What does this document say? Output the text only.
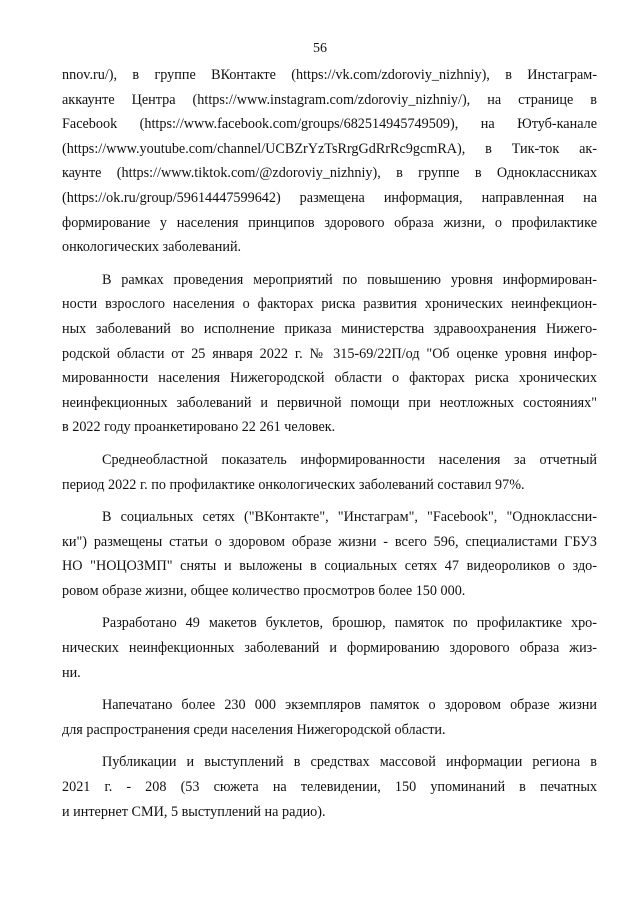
56
nnov.ru/), в группе ВКонтакте (https://vk.com/zdoroviy_nizhniy), в Инстаграм-
аккаунте Центра (https://www.instagram.com/zdoroviy_nizhniy/), на странице в
Facebook (https://www.facebook.com/groups/682514945749509), на Ютуб-канале
(https://www.youtube.com/channel/UCBZrYzTsRrgGdRrRc9gcmRA), в Тик-ток ак-
каунте (https://www.tiktok.com/@zdoroviy_nizhniy), в группе в Одноклассниках
(https://ok.ru/group/59614447599642) размещена информация, направленная на
формирование у населения принципов здорового образа жизни, о профилактике
онкологических заболеваний.
В рамках проведения мероприятий по повышению уровня информирован-
ности взрослого населения о факторах риска развития хронических неинфекцион-
ных заболеваний во исполнение приказа министерства здравоохранения Нижего-
родской области от 25 января 2022 г. № 315-69/22П/од "Об оценке уровня инфор-
мированности населения Нижегородской области о факторах риска хронических
неинфекционных заболеваний и первичной помощи при неотложных состояниях"
в 2022 году проанкетировано 22 261 человек.
Среднеобластной показатель информированности населения за отчетный
период 2022 г. по профилактике онкологических заболеваний составил 97%.
В социальных сетях ("ВКонтакте", "Инстаграм", "Facebook", "Одноклассни-
ки") размещены статьи о здоровом образе жизни - всего 596, специалистами ГБУЗ
НО "НОЦОЗМП" сняты и выложены в социальных сетях 47 видеороликов о здо-
ровом образе жизни, общее количество просмотров более 150 000.
Разработано 49 макетов буклетов, брошюр, памяток по профилактике хро-
нических неинфекционных заболеваний и формированию здорового образа жиз-
ни.
Напечатано более 230 000 экземпляров памяток о здоровом образе жизни
для распространения среди населения Нижегородской области.
Публикации и выступлений в средствах массовой информации региона в
2021 г. - 208 (53 сюжета на телевидении, 150 упоминаний в печатных
и интернет СМИ, 5 выступлений на радио).
